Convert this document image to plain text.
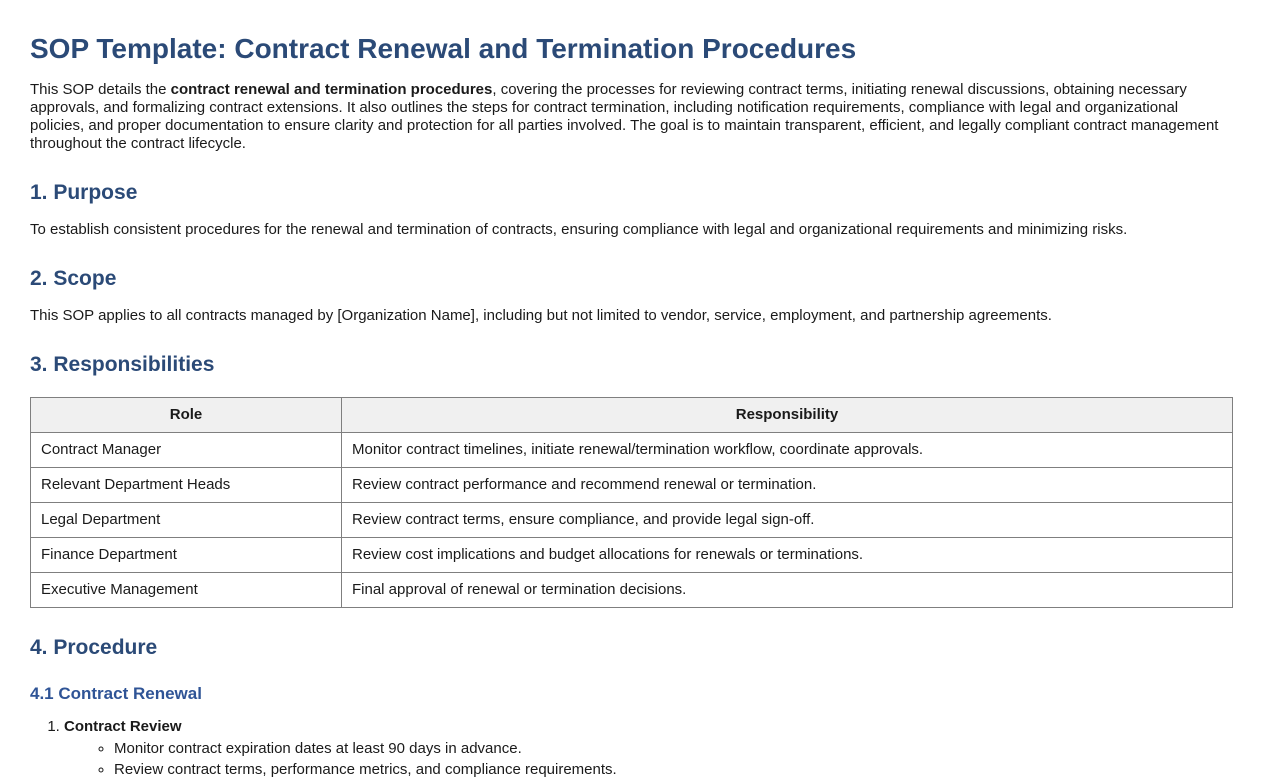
SOP Template: Contract Renewal and Termination Procedures

This SOP details the contract renewal and termination procedures, covering the processes for reviewing contract terms, initiating renewal discussions, obtaining necessary approvals, and formalizing contract extensions. It also outlines the steps for contract termination, including notification requirements, compliance with legal and organizational policies, and proper documentation to ensure clarity and protection for all parties involved. The goal is to maintain transparent, efficient, and legally compliant contract management throughout the contract lifecycle.

1. Purpose

To establish consistent procedures for the renewal and termination of contracts, ensuring compliance with legal and organizational requirements and minimizing risks.

2. Scope

This SOP applies to all contracts managed by [Organization Name], including but not limited to vendor, service, employment, and partnership agreements.

3. Responsibilities
Role	Responsibility
Contract Manager	Monitor contract timelines, initiate renewal/termination workflow, coordinate approvals.
Relevant Department Heads	Review contract performance and recommend renewal or termination.
Legal Department	Review contract terms, ensure compliance, and provide legal sign-off.
Finance Department	Review cost implications and budget allocations for renewals or terminations.
Executive Management	Final approval of renewal or termination decisions.
4. Procedure
4.1 Contract Renewal
1. Contract Review
◦ Monitor contract expiration dates at least 90 days in advance.
◦ Review contract terms, performance metrics, and compliance requirements.
